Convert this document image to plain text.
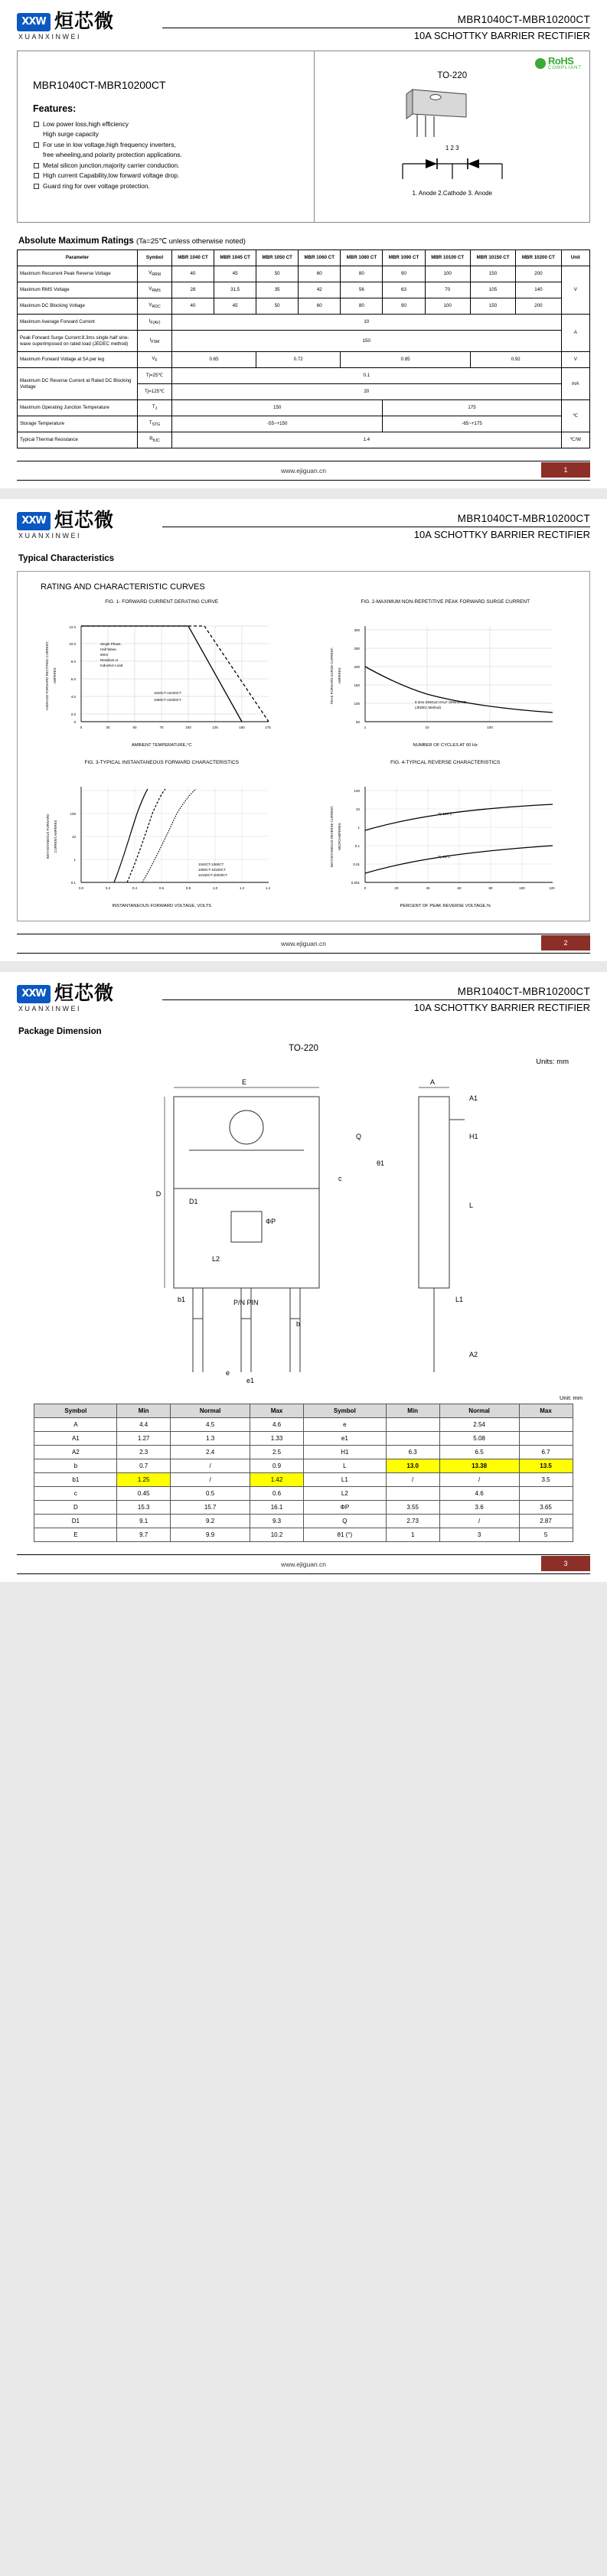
XXW 烜芯微
XUANXINWEI
MBR1040CT-MBR10200CT
10A SCHOTTKY BARRIER RECTIFIER
MBR1040CT-MBR10200CT
Features:
Low power loss,high efficiency
High surge capacity
For use in low voltage,high frequency inverters,
free wheeling,and polarity protection applications.
Metal silicon junction,majority carrier conduction.
High current Capability,low forward voltage drop.
Guard ring for over voltage protection.
RoHS
COMPLIANT
TO-220
1 2 3
1. Anode 2.Cathode 3. Anode
Absolute Maximum Ratings (Ta=25℃ unless otherwise noted)
Parameter	Symbol	MBR 1040 CT	MBR 1045 CT	MBR 1050 CT	MBR 1060 CT	MBR 1080 CT	MBR 1090 CT	MBR 10100 CT	MBR 10150 CT	MBR 10200 CT	Unit
Maximum Recurrent Peak Reverse Voltage	$V_{RRM}$	40	45	50	60	80	90	100	150	200	V
Maximum RMS Voltage	$V_{RMS}$	28	31.5	35	42	56	63	70	105	140	
Maximum DC Blocking Voltage	$V_{RDC}$	40	45	50	60	80	90	100	150	200	
Maximum Average Forward Current	$I_{F(AV)}$	10									A
Peak Forward Surge Current:8.3ms single half sine-wave superimposed on rated load (JEDEC method)	$I_{FSM}$	150									
Maximum Forward Voltage at 5A per leg	$V_F$	0.65		0.72		0.85			0.92		V
Maximum DC Reverse Current at Rated DC Blocking Voltage	Tj=25℃	0.1									mA
	Tj=125℃	20									
Maximum Operating Junction Temperature	$T_J$	150					175				℃
Storage Temperature	$T_{STG}$	-55~+150					-65~+175				
Typical Thermal Resistance	$R_{\theta JC}$	1.4									℃/W
www.ejiguan.cn	1
XXW 烜芯微
XUANXINWEI
MBR1040CT-MBR10200CT
10A SCHOTTKY BARRIER RECTIFIER
Typical Characteristics
RATING AND CHARACTERISTIC CURVES
FIG. 1- FORWARD CURRENT DERATING CURVE
0
2.0
4.0
6.0
8.0
10.0
12.0
0	25	50	75	100	125	150	175
Single Phase,
Half Wave,
60Hz
Resistive or
Inductive Load
1040CT-10100CT
1060CT-10200CT
AVERAGE FORWARD RECTIFIED CURRENT, AMPERES
AMBIENT TEMPERATURE,°C
FIG. 2-MAXIMUM NON-REPETITIVE PEAK FORWARD SURGE CURRENT
50
100
150
200
250
300
1	10	100
8.3ms SINGLE HALF SINEWAVE
(JEDEC Method)
PEAK FORWARD SURGE CURRENT, AMPERES
NUMBER OF CYCLES AT 60 Hz
FIG. 3-TYPICAL INSTANTANEOUS FORWARD CHARACTERISTICS
0.1
1
10
100
0.0	0.2	0.4	0.6	0.8	1.0	1.2	1.4
1040CT-1060CT
1080CT-10100CT
10150CT-10200CT
INSTANTANEOUS FORWARD CURRENT,AMPERES
INSTANTANEOUS FORWARD VOLTAGE, VOLTS
FIG. 4-TYPICAL REVERSE CHARACTERISTICS
0.001
0.01
0.1
1
10
100
0	20	40	60	80	100	120
Tj=125℃
Tj=25℃
INSTANTANEOUS REVERSE CURRENT, MICROAMPERES
PERCENT OF PEAK REVERSE VOLTAGE,%
www.ejiguan.cn	2
XXW 烜芯微
XUANXINWEI
MBR1040CT-MBR10200CT
10A SCHOTTKY BARRIER RECTIFIER
Package Dimension
TO-220
Units: mm
E
D
A
A1
H1
L
L1
A2
b1	P/N PIN
b
e
e1
ΦP
D1
c
Q
θ1
L2
Unit: mm
Symbol	Min	Normal	Max	Symbol	Min	Normal	Max
A	4.4	4.5	4.6	e		2.54	
A1	1.27	1.3	1.33	e1		5.08	
A2	2.3	2.4	2.5	H1	6.3	6.5	6.7
b	0.7	/	0.9	L	13.0	13.38	13.5
b1	1.25	/	1.42	L1	/	/	3.5
c	0.45	0.5	0.6	L2		4.6	
D	15.3	15.7	16.1	ΦP	3.55	3.6	3.65
D1	9.1	9.2	9.3	Q	2.73	/	2.87
E	9.7	9.9	10.2	θ1 (°)	1	3	5
www.ejiguan.cn	3
